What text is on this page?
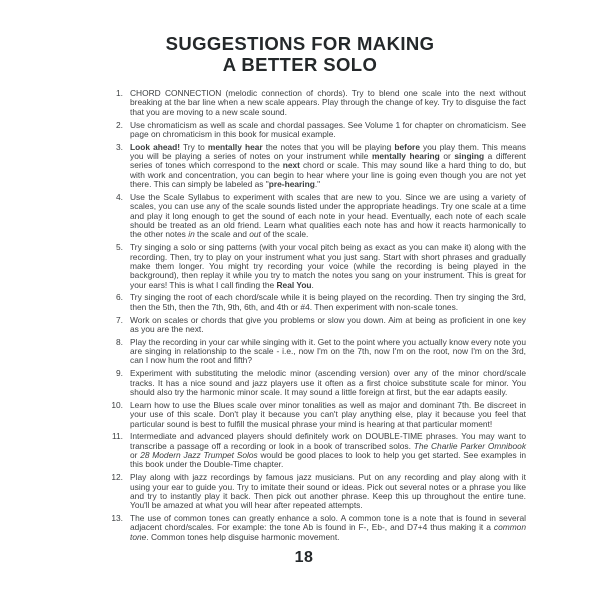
SUGGESTIONS FOR MAKING
A BETTER SOLO
1. CHORD CONNECTION (melodic connection of chords). Try to blend one scale into the next without breaking at the bar line when a new scale appears. Play through the change of key. Try to disguise the fact that you are moving to a new scale sound.
2. Use chromaticism as well as scale and chordal passages. See Volume 1 for chapter on chromaticism. See page on chromaticism in this book for musical example.
3. Look ahead! Try to mentally hear the notes that you will be playing before you play them. This means you will be playing a series of notes on your instrument while mentally hearing or singing a different series of tones which correspond to the next chord or scale. This may sound like a hard thing to do, but with work and concentration, you can begin to hear where your line is going even though you are not yet there. This can simply be labeled as "pre-hearing."
4. Use the Scale Syllabus to experiment with scales that are new to you. Since we are using a variety of scales, you can use any of the scale sounds listed under the appropriate headings. Try one scale at a time and play it long enough to get the sound of each note in your head. Eventually, each note of each scale should be treated as an old friend. Learn what qualities each note has and how it reacts harmonically to the other notes in the scale and out of the scale.
5. Try singing a solo or sing patterns (with your vocal pitch being as exact as you can make it) along with the recording. Then, try to play on your instrument what you just sang. Start with short phrases and gradually make them longer. You might try recording your voice (while the recording is being played in the background), then replay it while you try to match the notes you sang on your instrument. This is great for your ears! This is what I call finding the Real You.
6. Try singing the root of each chord/scale while it is being played on the recording. Then try singing the 3rd, then the 5th, then the 7th, 9th, 6th, and 4th or #4. Then experiment with non-scale tones.
7. Work on scales or chords that give you problems or slow you down. Aim at being as proficient in one key as you are the next.
8. Play the recording in your car while singing with it. Get to the point where you actually know every note you are singing in relationship to the scale - i.e., now I'm on the 7th, now I'm on the root, now I'm on the 3rd, can I now hum the root and fifth?
9. Experiment with substituting the melodic minor (ascending version) over any of the minor chord/scale tracks. It has a nice sound and jazz players use it often as a first choice substitute scale for minor. You should also try the harmonic minor scale. It may sound a little foreign at first, but the ear adapts easily.
10. Learn how to use the Blues scale over minor tonalities as well as major and dominant 7th. Be discreet in your use of this scale. Don't play it because you can't play anything else, play it because you feel that particular sound is best to fulfill the musical phrase your mind is hearing at that particular moment!
11. Intermediate and advanced players should definitely work on DOUBLE-TIME phrases. You may want to transcribe a passage off a recording or look in a book of transcribed solos. The Charlie Parker Omnibook or 28 Modern Jazz Trumpet Solos would be good places to look to help you get started. See examples in this book under the Double-Time chapter.
12. Play along with jazz recordings by famous jazz musicians. Put on any recording and play along with it using your ear to guide you. Try to imitate their sound or ideas. Pick out several notes or a phrase you like and try to instantly play it back. Then pick out another phrase. Keep this up throughout the entire tune. You'll be amazed at what you will hear after repeated attempts.
13. The use of common tones can greatly enhance a solo. A common tone is a note that is found in several adjacent chord/scales. For example: the tone Ab is found in F-, Eb-, and D7+4 thus making it a common tone. Common tones help disguise harmonic movement.
18
